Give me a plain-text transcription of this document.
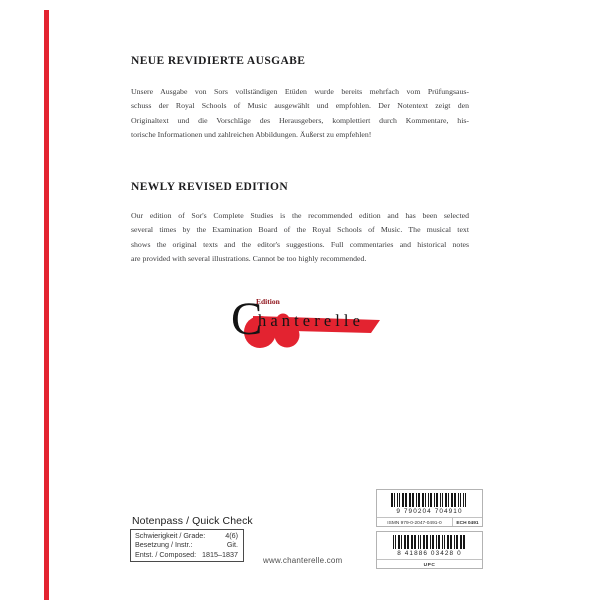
NEUE REVIDIERTE AUSGABE
Unsere Ausgabe von Sors vollständigen Etüden wurde bereits mehrfach vom Prüfungsaus-
schuss der Royal Schools of Music ausgewählt und empfohlen. Der Notentext zeigt den
Originaltext und die Vorschläge des Herausgebers, komplettiert durch Kommentare, his-
torische Informationen und zahlreichen Abbildungen. Äußerst zu empfehlen!
NEWLY REVISED EDITION
Our edition of Sor's Complete Studies is the recommended edition and has been selected
several times by the Examination Board of the Royal Schools of Music. The musical text
shows the original texts and the editor's suggestions. Full commentaries and historical notes
are provided with several illustrations. Cannot be too highly recommended.
Edition
C
hanterelle
Notenpass / Quick Check
Schwierigkeit / Grade:	4(6)
Besetzung / Instr.:	Git.
Entst. / Composed: 1815–1837
www.chanterelle.com
9 790204 704910
ISMN 979-0-2047-0491-0	ECH 0491
8 41886 03428 0
UPC
